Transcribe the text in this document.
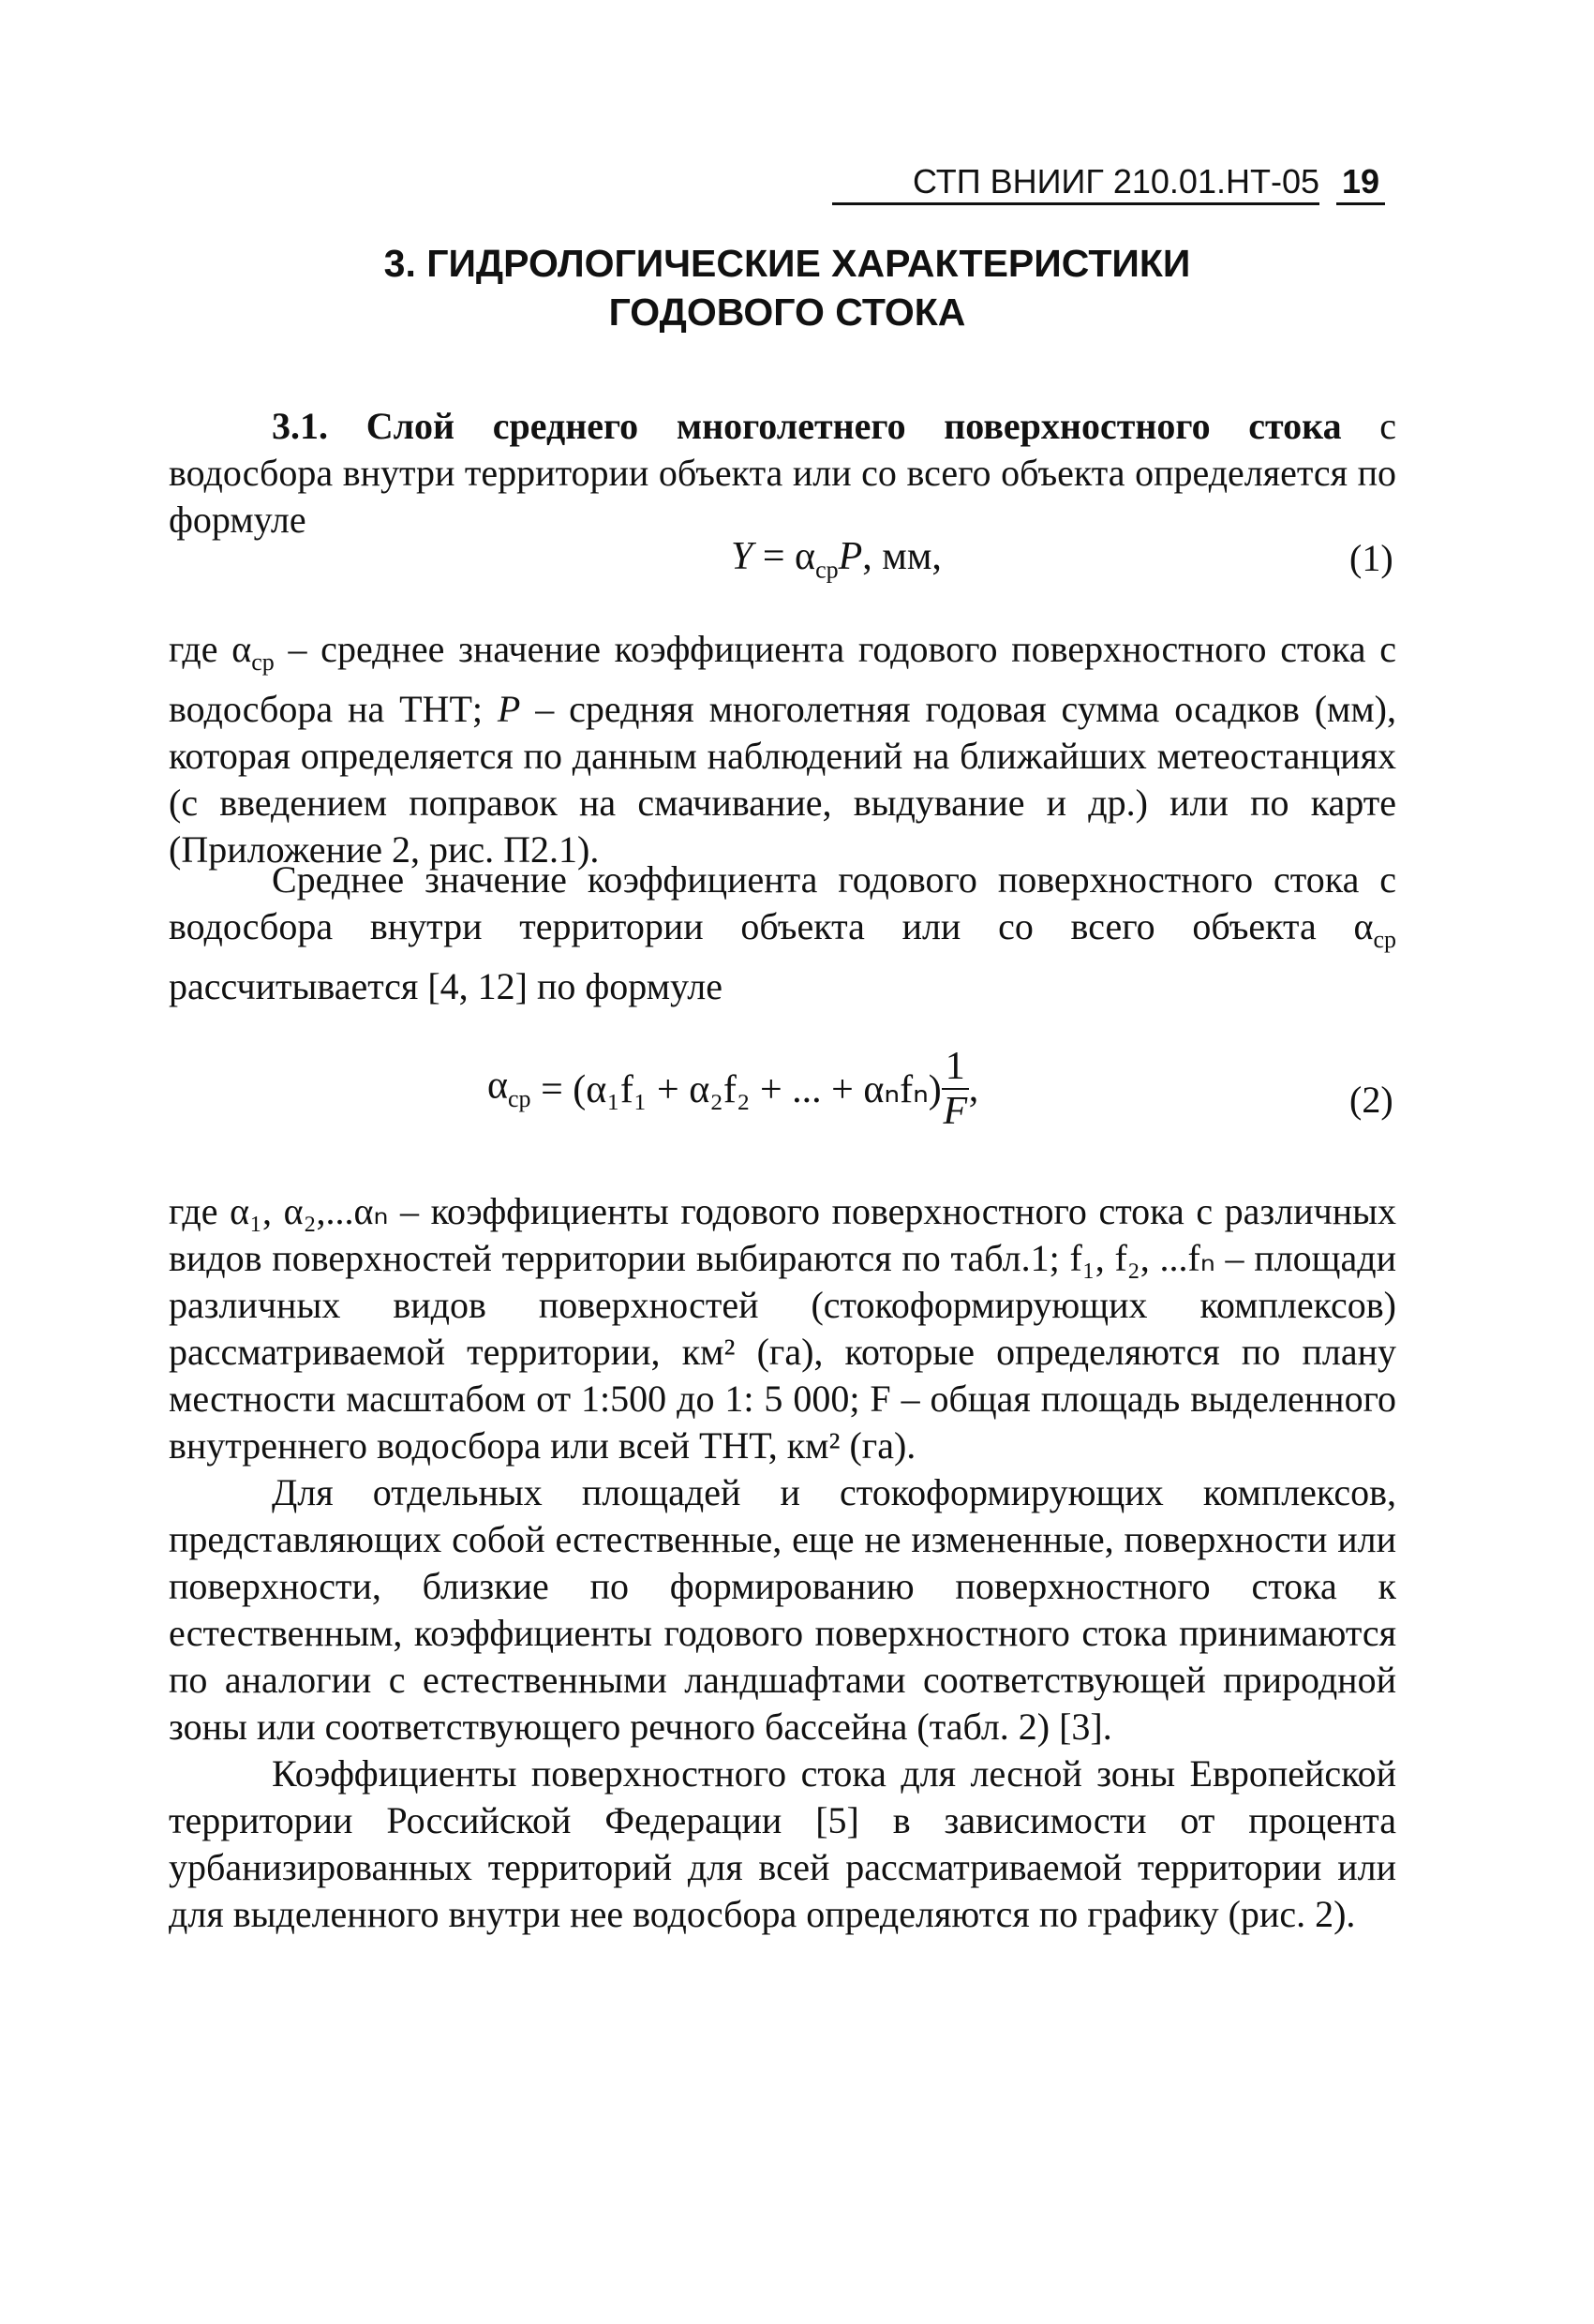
СТП ВНИИГ 210.01.НТ-05 19
3. ГИДРОЛОГИЧЕСКИЕ ХАРАКТЕРИСТИКИ
ГОДОВОГО СТОКА
3.1. Слой среднего многолетнего поверхностного стока с водосбора внутри территории объекта или со всего объекта определяется по формуле
$Y = \alpha_{ср}P$, мм,	(1)
где $\alpha_{ср}$ – среднее значение коэффициента годового поверхностного стока с водосбора на ТНТ; P – средняя многолетняя годовая сумма осадков (мм), которая определяется по данным наблюдений на ближайших метеостанциях (с введением поправок на смачивание, выдувание и др.) или по карте (Приложение 2, рис. П2.1).
Среднее значение коэффициента годового поверхностного стока с водосбора внутри территории объекта или со всего объекта $\alpha_{ср}$ рассчитывается [4, 12] по формуле
$\alpha_{ср} = (\alpha_1f_1 + \alpha_2f_2$ + ... + $\alpha_nf_n) \frac{1}{F}$ ,	(2)
где α₁, α₂,...αₙ – коэффициенты годового поверхностного стока с различных видов поверхностей территории выбираются по табл.1; f₁, f₂, ...fₙ – площади различных видов поверхностей (стокоформирующих комплексов) рассматриваемой территории, км² (га), которые определяются по плану местности масштабом от 1:500 до 1: 5 000; F – общая площадь выделенного внутреннего водосбора или всей ТНТ, км² (га).
Для отдельных площадей и стокоформирующих комплексов, представляющих собой естественные, еще не измененные, поверхности или поверхности, близкие по формированию поверхностного стока к естественным, коэффициенты годового поверхностного стока принимаются по аналогии с естественными ландшафтами соответствующей природной зоны или соответствующего речного бассейна (табл. 2) [3].
Коэффициенты поверхностного стока для лесной зоны Европейской территории Российской Федерации [5] в зависимости от процента урбанизированных территорий для всей рассматриваемой территории или для выделенного внутри нее водосбора определяются по графику (рис. 2).
